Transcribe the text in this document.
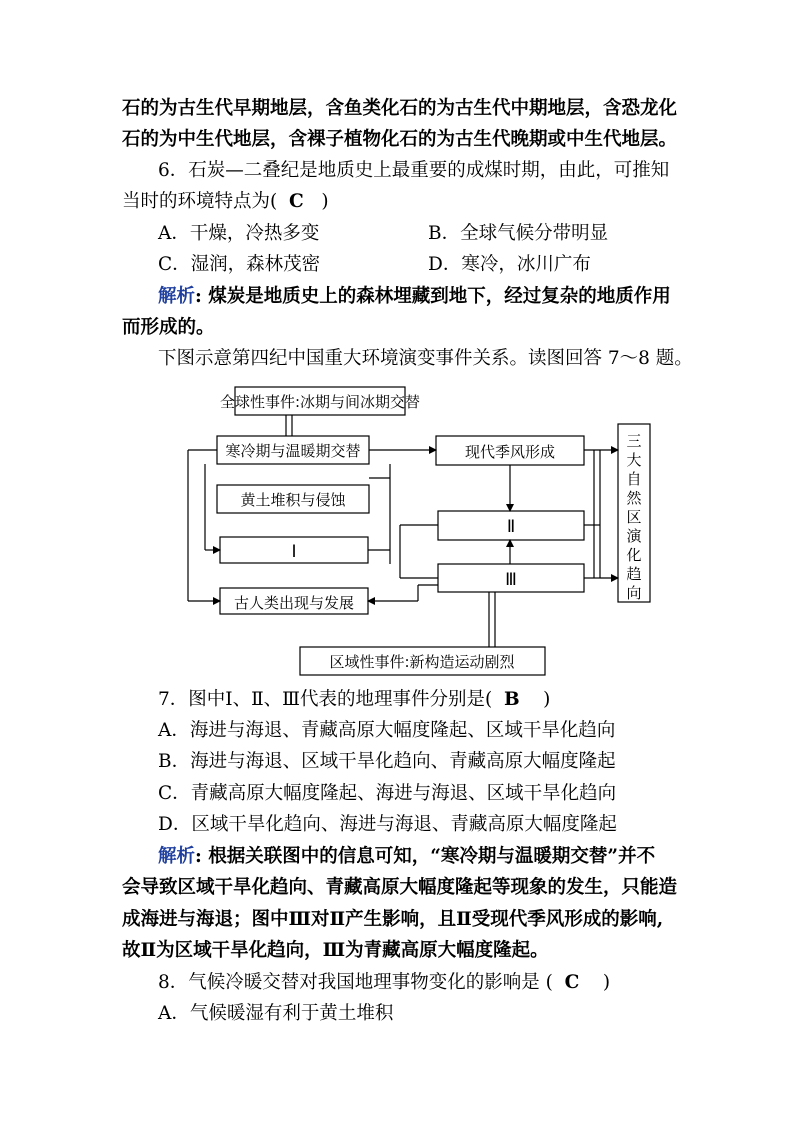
石的为古生代早期地层，含鱼类化石的为古生代中期地层，含恐龙化
石的为中生代地层，含裸子植物化石的为古生代晚期或中生代地层。
6．石炭—二叠纪是地质史上最重要的成煤时期，由此，可推知
当时的环境特点为( C )
A．干燥，冷热多变	B．全球气候分带明显
C．湿润，森林茂密	D．寒冷，冰川广布
解析: 煤炭是地质史上的森林埋藏到地下，经过复杂的地质作用
而形成的。
下图示意第四纪中国重大环境演变事件关系。读图回答 7～8 题。
全球性事件:冰期与间冰期交替
寒冷期与温暖期交替
黄土堆积与侵蚀
Ⅰ
古人类出现与发展
现代季风形成
Ⅱ
Ⅲ
区域性事件:新构造运动剧烈
三
大
自
然
区
演
化
趋
向
7．图中Ⅰ、Ⅱ、Ⅲ代表的地理事件分别是( B )
A．海进与海退、青藏高原大幅度隆起、区域干旱化趋向
B．海进与海退、区域干旱化趋向、青藏高原大幅度隆起
C．青藏高原大幅度隆起、海进与海退、区域干旱化趋向
D．区域干旱化趋向、海进与海退、青藏高原大幅度隆起
解析: 根据关联图中的信息可知，“寒冷期与温暖期交替”并不
会导致区域干旱化趋向、青藏高原大幅度隆起等现象的发生，只能造
成海进与海退；图中Ⅲ对Ⅱ产生影响，且Ⅱ受现代季风形成的影响,
故Ⅱ为区域干旱化趋向，Ⅲ为青藏高原大幅度隆起。
8．气候冷暖交替对我国地理事物变化的影响是 ( C )
A．气候暖湿有利于黄土堆积
